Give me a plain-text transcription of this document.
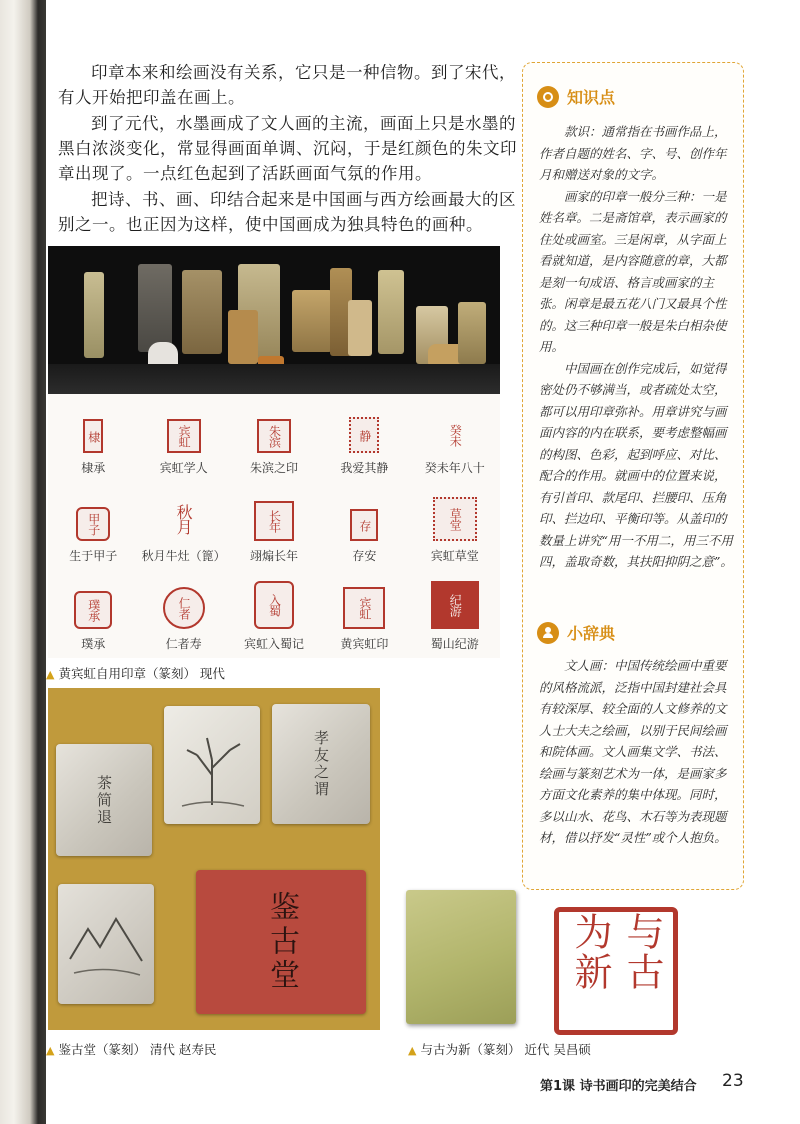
印章本来和绘画没有关系，它只是一种信物。到了宋代，有人开始把印盖在画上。

到了元代，水墨画成了文人画的主流，画面上只是水墨的黑白浓淡变化，常显得画面单调、沉闷，于是红颜色的朱文印章出现了。一点红色起到了活跃画面气氛的作用。

把诗、书、画、印结合起来是中国画与西方绘画最大的区别之一。也正因为这样，使中国画成为独具特色的画种。

棣
棣承
宾虹
宾虹学人
朱滨
朱滨之印
静
我爱其静
癸未
癸未年八十
甲子
生于甲子
秋月
秋月牛灶（篦）
长年
翊煽长年
存
存安
草堂
宾虹草堂
璞承
璞承
仁者
仁者寿
入蜀
宾虹入蜀记
宾虹
黄宾虹印
纪游
蜀山纪游
▲ 黄宾虹自用印章（篆刻） 现代
茶简退
孝友之谓
鉴古堂
▲ 鉴古堂（篆刻） 清代 赵寿民
与古为新
▲ 与古为新（篆刻） 近代 吴昌硕
知识点

款识：通常指在书画作品上，作者自题的姓名、字、号、创作年月和赠送对象的文字。

画家的印章一般分三种：一是姓名章。二是斋馆章，表示画家的住处或画室。三是闲章，从字面上看就知道，是内容随意的章，大都是刻一句成语、格言或画家的主张。闲章是最五花八门又最具个性的。这三种印章一般是朱白相杂使用。

中国画在创作完成后，如觉得密处仍不够满当，或者疏处太空，都可以用印章弥补。用章讲究与画面内容的内在联系，要考虑整幅画的构图、色彩，起到呼应、对比、配合的作用。就画中的位置来说，有引首印、款尾印、拦腰印、压角印、拦边印、平衡印等。从盖印的数量上讲究“用一不用二，用三不用四，盖取奇数，其扶阳抑阴之意”。

小辞典

文人画：中国传统绘画中重要的风格流派，泛指中国封建社会具有较深厚、较全面的人文修养的文人士大夫之绘画，以别于民间绘画和院体画。文人画集文学、书法、绘画与篆刻艺术为一体，是画家多方面文化素养的集中体现。同时，多以山水、花鸟、木石等为表现题材，借以抒发“灵性”或个人抱负。

第1课 诗书画印的完美结合 23
